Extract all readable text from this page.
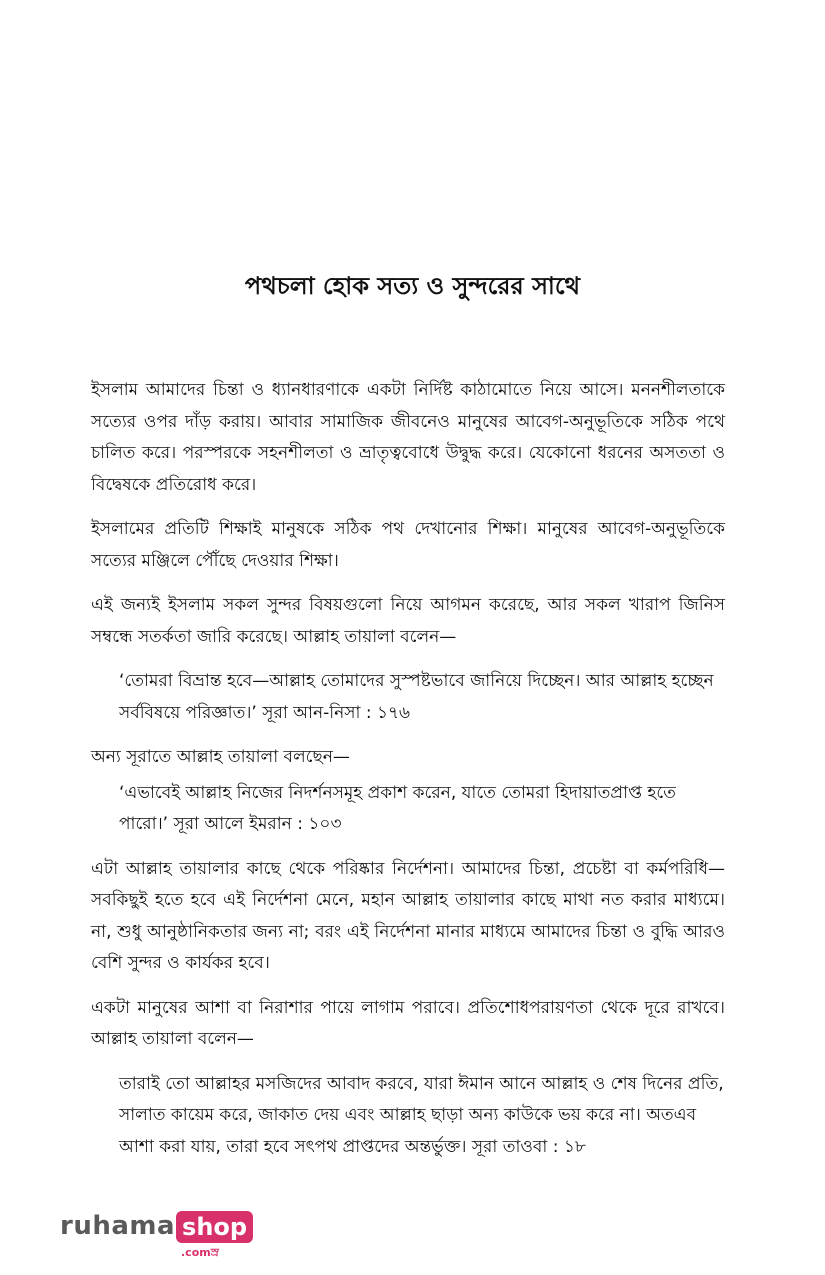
পথচলা হোক সত্য ও সুন্দরের সাথে

ইসলাম আমাদের চিন্তা ও ধ্যানধারণাকে একটা নির্দিষ্ট কাঠামোতে নিয়ে আসে। মননশীলতাকে সত্যের ওপর দাঁড় করায়। আবার সামাজিক জীবনেও মানুষের আবেগ-অনুভূতিকে সঠিক পথে চালিত করে। পরস্পরকে সহনশীলতা ও ভ্রাতৃত্ববোধে উদ্বুদ্ধ করে। যেকোনো ধরনের অসততা ও বিদ্বেষকে প্রতিরোধ করে।

ইসলামের প্রতিটি শিক্ষাই মানুষকে সঠিক পথ দেখানোর শিক্ষা। মানুষের আবেগ-অনুভূতিকে সত্যের মঞ্জিলে পৌঁছে দেওয়ার শিক্ষা।

এই জন্যই ইসলাম সকল সুন্দর বিষয়গুলো নিয়ে আগমন করেছে, আর সকল খারাপ জিনিস সম্বন্ধে সতর্কতা জারি করেছে। আল্লাহ তায়ালা বলেন—

‘তোমরা বিভ্রান্ত হবে—আল্লাহ তোমাদের সুস্পষ্টভাবে জানিয়ে দিচ্ছেন। আর আল্লাহ হচ্ছেন সর্ববিষয়ে পরিজ্ঞাত।’ সূরা আন-নিসা : ১৭৬

অন্য সূরাতে আল্লাহ তায়ালা বলছেন—

‘এভাবেই আল্লাহ নিজের নিদর্শনসমূহ প্রকাশ করেন, যাতে তোমরা হিদায়াতপ্রাপ্ত হতে পারো।’ সূরা আলে ইমরান : ১০৩

এটা আল্লাহ তায়ালার কাছে থেকে পরিষ্কার নির্দেশনা। আমাদের চিন্তা, প্রচেষ্টা বা কর্মপরিধি—সবকিছুই হতে হবে এই নির্দেশনা মেনে, মহান আল্লাহ তায়ালার কাছে মাথা নত করার মাধ্যমে। না, শুধু আনুষ্ঠানিকতার জন্য না; বরং এই নির্দেশনা মানার মাধ্যমে আমাদের চিন্তা ও বুদ্ধি আরও বেশি সুন্দর ও কার্যকর হবে।

একটা মানুষের আশা বা নিরাশার পায়ে লাগাম পরাবে। প্রতিশোধপরায়ণতা থেকে দূরে রাখবে। আল্লাহ তায়ালা বলেন—

তারাই তো আল্লাহর মসজিদের আবাদ করবে, যারা ঈমান আনে আল্লাহ ও শেষ দিনের প্রতি, সালাত কায়েম করে, জাকাত দেয় এবং আল্লাহ ছাড়া অন্য কাউকে ভয় করে না। অতএব আশা করা যায়, তারা হবে সৎপথ প্রাপ্তদের অন্তর্ভুক্ত। সূরা তাওবা : ১৮

ruhama shop
.comস্র
